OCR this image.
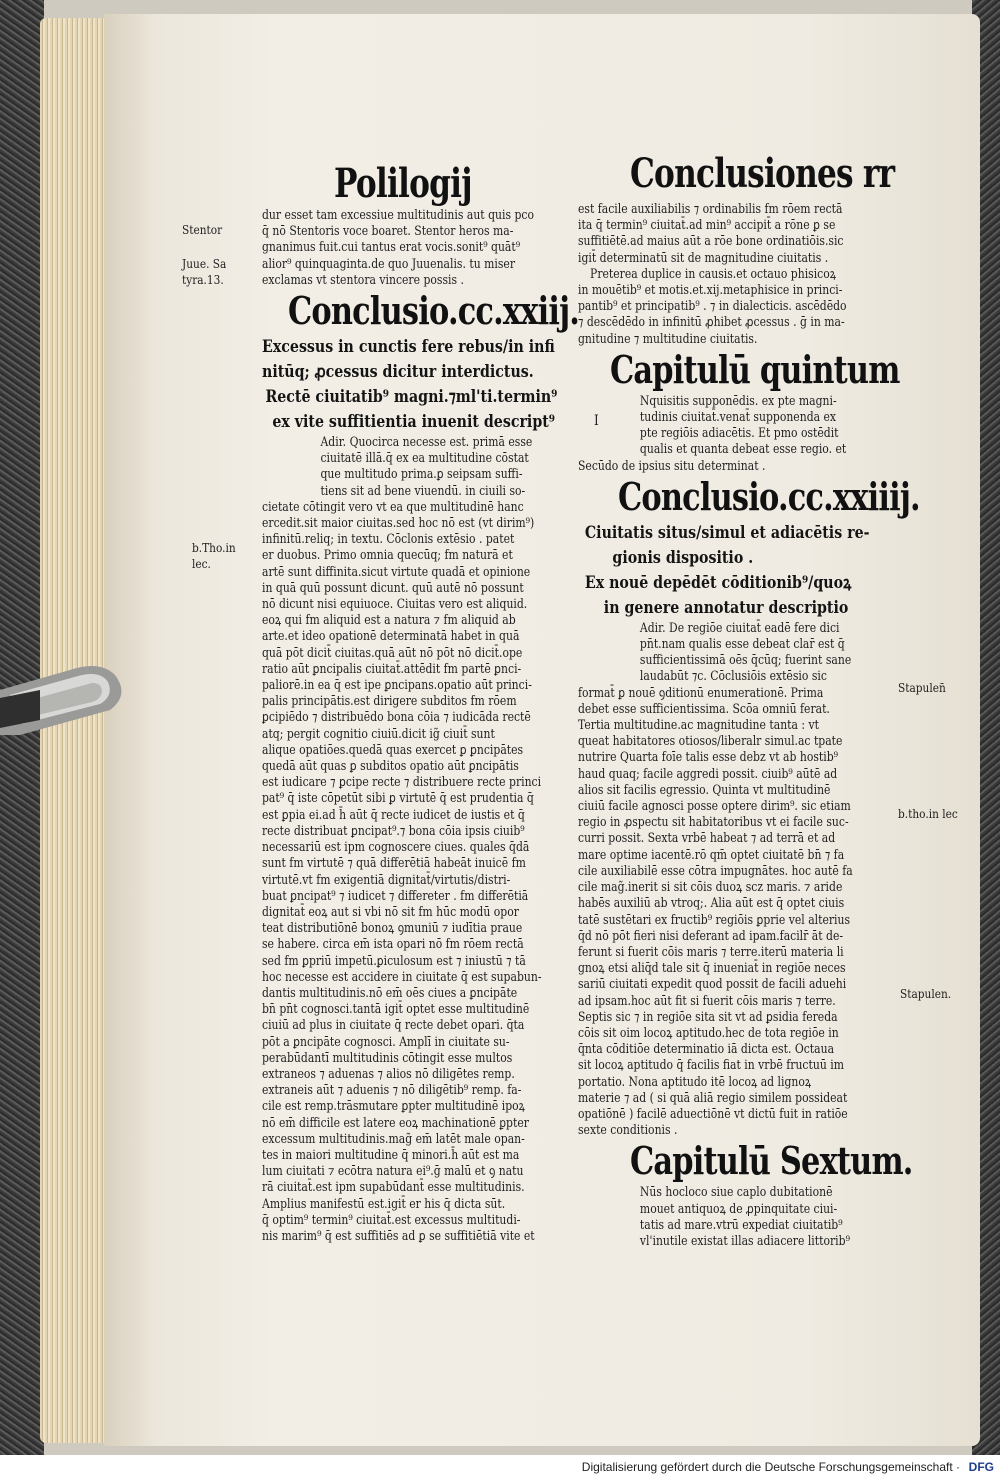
Stentor
Juue. Sa
tyra.13.
b.Tho.in
lec.
Stapulen̄
b.tho.in lec
Stapulen.
Polilogij
dur esset tam excessiue multitudinis aut quis pco
q̄ nō Stentoris voce boaret. Stentor heros ma-
gnanimus fuit.cui tantus erat vocis.sonit⁹ quāt⁹
alior⁹ quinquaginta.de quo Juuenalis. tu miser
exclamas vt stentora vincere possis .
Conclusio.cc.xxiij.
Excessus in cunctis fere rebus/in infi
nitūq; ꝓcessus dicitur interdictus.
Rectē ciuitatib⁹ magni.⁊ml'ti.termin⁹
ex vite suffitientia inuenit descript⁹
Adir. Quocirca necesse est. primā esse
ciuitatē illā.q̄ ex ea multitudine cōstat
que multitudo prima.ꝑ seipsam suffi-
tiens sit ad bene viuendū. in ciuili so-
cietate cōtingit vero vt ea que multitudinē hanc
ercedit.sit maior ciuitas.sed hoc nō est (vt dirim⁹)
infinitū.reliq; in textu. Cōclonis extēsio . patet
er duobus. Primo omnia quecūq; fm naturā et
artē sunt diffinita.sicut virtute quadā et opinione
in quā quū possunt dicunt. quū autē nō possunt
nō dicunt nisi equiuoce. Ciuitas vero est aliquid.
eoꝝ qui fm aliquid est a natura ⁊ fm aliquid ab
arte.et ideo opationē determinatā habet in quā
quā pōt dicit̄ ciuitas.quā aūt nō pōt nō dicit̄.ope
ratio aūt ꝑncipalis ciuitat̄.attēdit fm partē ꝑnci-
paliorē.in ea q̄ est ipe ꝑncipans.opatio aūt princi-
palis principātis.est dirigere subditos fm rōem
ꝑcipiēdo ⁊ distribuēdo bona cōia ⁊ iudicāda rectē
atq; pergit cognitio ciuiū.dicit ig̃ ciuit̄ sunt
alique opatiōes.quedā quas exercet ꝑ ꝑncipātes
quedā aūt quas ꝑ subditos opatio aūt ꝑncipātis
est iudicare ⁊ ꝑcipe recte ⁊ distribuere recte princi
pat⁹ q̄ iste cōpetūt sibi ꝑ virtutē q̄ est prudentia q̄
est ꝑpia ei.ad h̄ aūt q̄ recte iudicet de iustis et q̄
recte distribuat ꝑncipat⁹.⁊ bona cōia ipsis ciuib⁹
necessariū est ipm cognoscere ciues. quales q̄dā
sunt fm virtutē ⁊ quā differētiā habeāt inuicē fm
virtutē.vt fm exigentiā dignitat̄/virtutis/distri-
buat ꝑncipat⁹ ⁊ iudicet ⁊ differeter . fm differētiā
dignitat̄ eoꝝ aut si vbi nō sit fm hūc modū opor
teat distributiōnē bonoꝝ ꝯmuniū ⁊ iudītia praue
se habere. circa em̄ ista opari nō fm rōem rectā
sed fm ꝑpriū impetū.ꝑiculosum est ⁊ iniustū ⁊ tā
hoc necesse est accidere in ciuitate q̄ est supabun-
dantis multitudinis.nō em̄ oēs ciues a ꝑncipāte
bn̄ pn̄t cognosci.tantā igit̄ optet esse multitudinē
ciuiū ad plus in ciuitate q̄ recte debet opari. q̄ta
pōt a ꝑncipāte cognosci. Amplī in ciuitate su-
perabūdantī multitudinis cōtingit esse multos
extraneos ⁊ aduenas ⁊ alios nō diligētes remp.
extraneis aūt ⁊ aduenis ⁊ nō diligētib⁹ remp. fa-
cile est remp.trāsmutare ꝑpter multitudinē ipoꝝ
nō em̄ difficile est latere eoꝝ machinationē ꝑpter
excessum multitudinis.mag̃ em̄ latēt male opan-
tes in maiori multitudine q̄ minori.h̄ aūt est ma
lum ciuitati ⁊ ecōtra natura ei⁹.ḡ malū et ꝯ natu
rā ciuitat̄.est ipm supabūdant̄ esse multitudinis.
Amplius manifestū est.igit̄ er his q̄ dicta sūt.
q̄ optim⁹ termin⁹ ciuitat̄.est excessus multitudi-
nis marim⁹ q̄ est suffitiēs ad ꝑ se suffitiētiā vite et
Conclusiones rr
est facile auxiliabilis ⁊ ordinabilis fm rōem rectā
ita q̄ termin⁹ ciuitat̄.ad min⁹ accipit̄ a rōne ꝑ se
suffitiētē.ad maius aūt a rōe bone ordinatiōis.sic
igit̄ determinatū sit de magnitudine ciuitatis .
Preterea duplice in causis.et octauo phisicoꝝ
in mouētib⁹ et motis.et.xij.metaphisice in princi-
pantib⁹ et principatib⁹ . ⁊ in dialecticis. ascēdēdo
⁊ descēdēdo in infinitū ꝓhibet ꝓcessus . ḡ in ma-
gnitudine ⁊ multitudine ciuitatis.
Capitulū quintum
I
Nquisitis supponēdis. ex pte magni-
tudinis ciuitat̄.venat̄ supponenda ex
pte regiōis adiacētis. Et pmo ostēdit
qualis et quanta debeat esse regio. et
Secūdo de ipsius situ determinat .
Conclusio.cc.xxiiij.
Ciuitatis situs/simul et adiacētis re-
gionis dispositio .
Ex nouē depēdēt cōditionib⁹/quoꝝ
in genere annotatur descriptio
Adir. De regiōe ciuitat̄ eadē fere dici
pn̄t.nam qualis esse debeat clar̄ est q̄
sufficientissimā oēs q̄cūq; fuerint sane
laudabūt ⁊c. Cōclusiōis extēsio sic
format̄ ꝑ nouē ꝯditionū enumerationē. Prima
debet esse sufficientissima. Scōa omniū ferat.
Tertia multitudine.ac magnitudine tanta : vt
queat habitatores otiosos/liberalr simul.ac tpate
nutrire Quarta foīe talis esse debz vt ab hostib⁹
haud quaq; facile aggredi possit. ciuib⁹ aūtē ad
alios sit facilis egressio. Quinta vt multitudinē
ciuiū facile agnosci posse optere dirim⁹. sic etiam
regio in ꝓspectu sit habitatoribus vt ei facile suc-
curri possit. Sexta vrbē habeat ⁊ ad terrā et ad
mare optime iacentē.rō qm̄ optet ciuitatē bn̄ ⁊ fa
cile auxiliabilē esse cōtra impugnātes. hoc autē fa
cile mag̃.inerit si sit cōis duoꝝ scz maris. ⁊ aride
habēs auxiliū ab vtroq;. Alia aūt est q̄ optet ciuis
tatē sustētari ex fructib⁹ regiōis ꝑprie vel alterius
q̄d nō pōt fieri nisi deferant ad ipam.facilr̄ āt de-
ferunt si fuerit cōis maris ⁊ terre.iterū materia li
gnoꝝ etsi aliq̄d tale sit q̄ inueniat̄ in regiōe neces
sariū ciuitati expedit quod possit de facili aduehi
ad ipsam.hoc aūt fit si fuerit cōis maris ⁊ terre.
Septis sic ⁊ in regiōe sita sit vt ad ꝑsidia fereda
cōis sit oim locoꝝ aptitudo.hec de tota regiōe in
q̄nta cōditiōe determinatio iā dicta est. Octaua
sit locoꝝ aptitudo q̄ facilis fiat in vrbē fructuū im
portatio. Nona aptitudo itē locoꝝ ad lignoꝝ
materie ⁊ ad ( si quā aliā regio similem possideat
opatiōnē ) facilē aduectiōnē vt dictū fuit in ratiōe
sexte conditionis .
Capitulū Sextum.
Nūs hocloco siue caplo dubitationē
mouet antiquoꝝ de ꝓpinquitate ciui-
tatis ad mare.vtrū expediat ciuitatib⁹
vl'inutile existat illas adiacere littorib⁹
Digitalisierung gefördert durch die Deutsche Forschungsgemeinschaft · DFG
